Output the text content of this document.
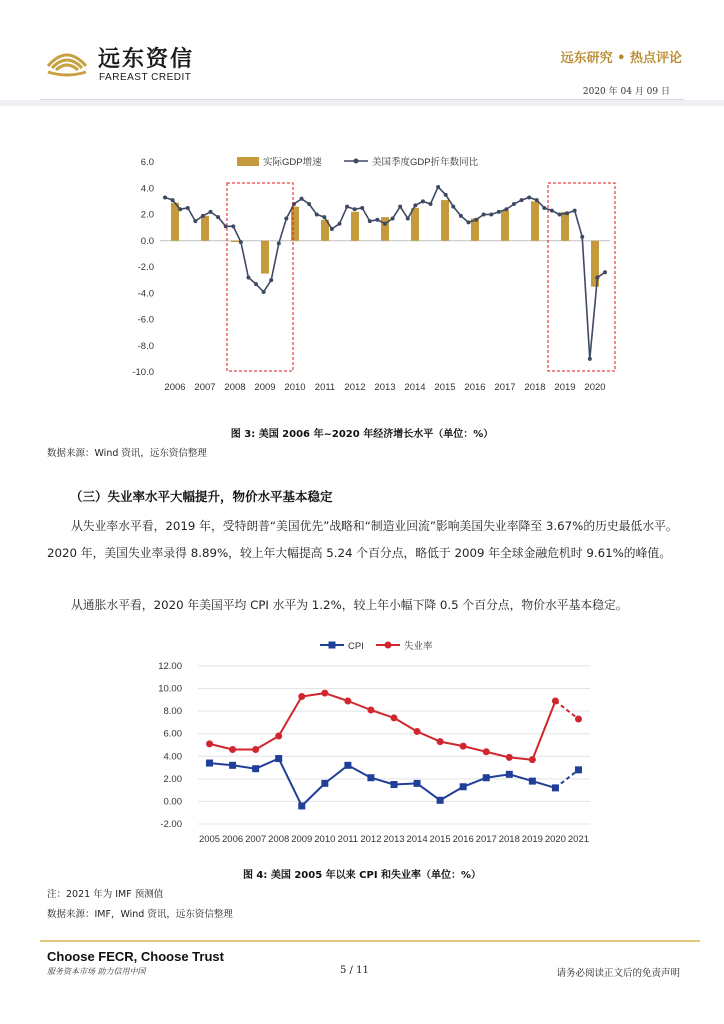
远东资信
FAREAST CREDIT
远东研究 • 热点评论
2020 年 04 月 09 日
6.0
4.0
2.0
0.0
-2.0
-4.0
-6.0
-8.0
-10.0
2006 2007 2008 2009 2010 2011 2012 2013 2014 2015 2016 2017 2018 2019 2020
实际GDP增速	美国季度GDP折年数同比
图 3: 美国 2006 年~2020 年经济增长水平（单位：%）
数据来源：Wind 资讯，远东资信整理
（三）失业率水平大幅提升，物价水平基本稳定
从失业率水平看，2019 年，受特朗普“美国优先”战略和“制造业回流”影响美国失业率降至 3.67%的历史最低水平。2020 年，美国失业率录得 8.89%，较上年大幅提高 5.24 个百分点，略低于 2009 年全球金融危机时 9.61%的峰值。
从通胀水平看，2020 年美国平均 CPI 水平为 1.2%，较上年小幅下降 0.5 个百分点，物价水平基本稳定。
12.00
10.00
8.00
6.00
4.00
2.00
0.00
-2.00
2005 2006 2007 2008 2009 2010 2011 2012 2013 2014 2015 2016 2017 2018 2019 2020 2021
CPI	失业率
图 4: 美国 2005 年以来 CPI 和失业率（单位：%）
注：2021 年为 IMF 预测值
数据来源：IMF，Wind 资讯，远东资信整理
Choose FECR, Choose Trust
服务资本市场 助力信用中国	5 / 11	请务必阅读正文后的免责声明
